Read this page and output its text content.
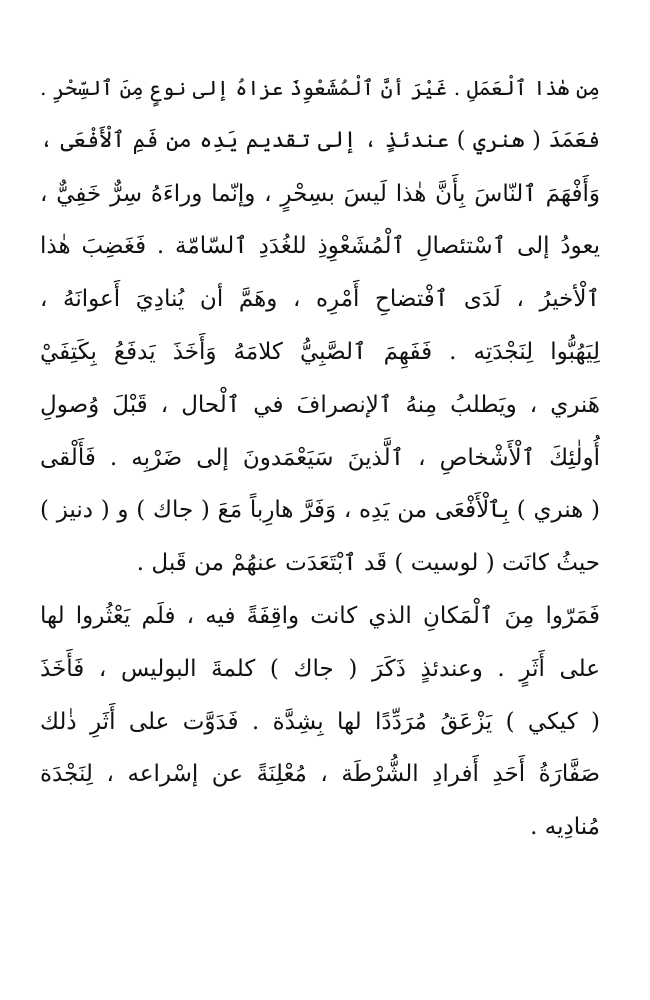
مِن هٰذا ٱلْعَمَلِ . غَيْرَ أنَّ ٱلْمُشَعْوِذَ عزاهُ إلى نوعٍ مِنَ ٱلسِّحْرِ .
فعَمَدَ ( هنري ) عندئذٍ ، إلى تقديم يَدِه من فَمِ ٱلْأَفْعَى ،
وَأَفْهَمَ ٱلنّاسَ بِأَنَّ هٰذا لَيسَ بسِحْرٍ ، وإنّما وراءَهُ سِرٌّ خَفِيٌّ ،
يعودُ إلى ٱسْتئصالِ ٱلْمُشَعْوِذِ للغُدَدِ ٱلسّامّة . فَغَضِبَ هٰذا
ٱلْأخيرُ ، لَدَى ٱفْتضاحِ أَمْرِه ، وهَمَّ أن يُنادِيَ أَعوانَهُ ،
لِيَهُبُّوا لِنَجْدَتِه . فَفَهِمَ ٱلصَّبِيُّ كلامَهُ وَأَخَذَ يَدفَعُ بِكَتِفَيْ
هَنري ، ويَطلبُ مِنهُ ٱلإنصرافَ في ٱلْحال ، قَبْلَ وُصولِ
أُولٰئِكَ ٱلْأَشْخاصِ ، ٱلَّذينَ سَيَعْمَدونَ إلى ضَرْبِه . فَأَلْقى
( هنري ) بِٱلْأَفْعَى من يَدِه ، وَفَرَّ هارِباً مَعَ ( جاك ) و ( دنيز )
حيثُ كانَت ( لوسيت ) قَد ٱبْتَعَدَت عنهُمْ من قَبل .
فَمَرّوا مِنَ ٱلْمَكانِ الذي كانت واقِفَةً فيه ، فلَم يَعْثُروا لها
على أَثَرٍ . وعندئذٍ ذَكَرَ ( جاك ) كلمةَ البوليس ، فَأَخَذَ
( كيكي ) يَزْعَقُ مُرَدِّدًا لها بِشِدَّة . فَدَوَّت على أَثَرِ ذٰلك
صَفَّارَةُ أَحَدِ أَفرادِ الشُّرْطَة ، مُعْلِنَةً عن إسْراعه ، لِنَجْدَة
مُنادِيه .
